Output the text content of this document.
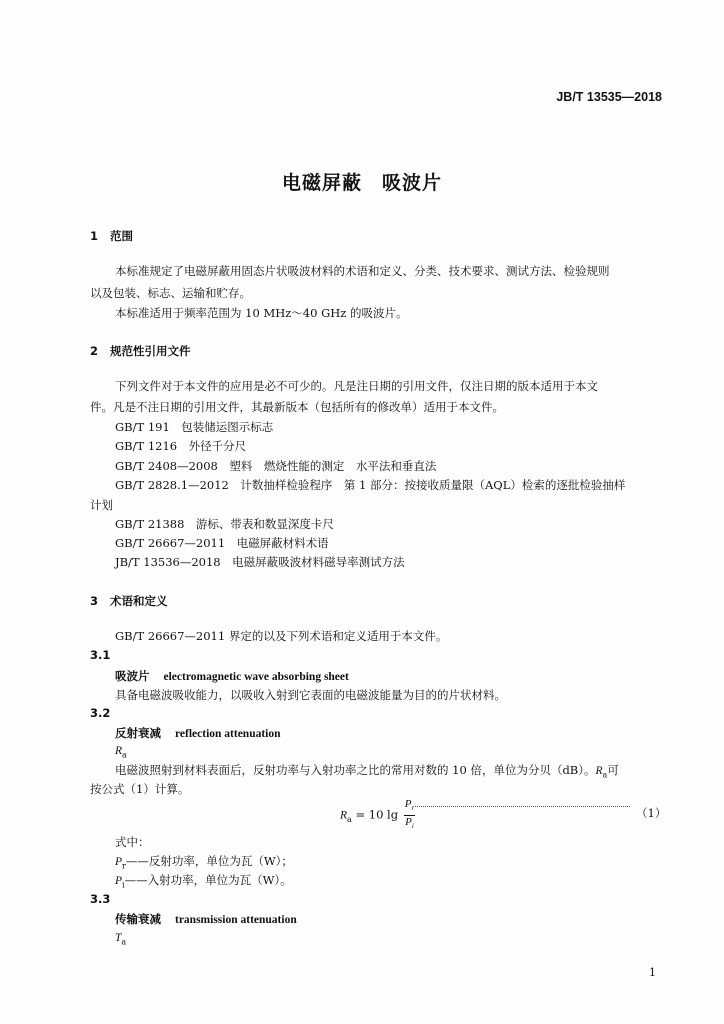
JB/T 13535—2018
电磁屏蔽　吸波片
1 范围
本标准规定了电磁屏蔽用固态片状吸波材料的术语和定义、分类、技术要求、测试方法、检验规则
以及包装、标志、运输和贮存。
本标准适用于频率范围为 10 MHz～40 GHz 的吸波片。
2 规范性引用文件
下列文件对于本文件的应用是必不可少的。凡是注日期的引用文件，仅注日期的版本适用于本文
件。凡是不注日期的引用文件，其最新版本（包括所有的修改单）适用于本文件。
GB/T 191　包装储运图示标志
GB/T 1216　外径千分尺
GB/T 2408—2008　塑料　燃烧性能的测定　水平法和垂直法
GB/T 2828.1—2012　计数抽样检验程序　第 1 部分：按接收质量限（AQL）检索的逐批检验抽样
计划
GB/T 21388　游标、带表和数显深度卡尺
GB/T 26667—2011　电磁屏蔽材料术语
JB/T 13536—2018　电磁屏蔽吸波材料磁导率测试方法
3 术语和定义
GB/T 26667—2011 界定的以及下列术语和定义适用于本文件。
3.1
吸波片 electromagnetic wave absorbing sheet
具备电磁波吸收能力，以吸收入射到它表面的电磁波能量为目的的片状材料。
3.2
反射衰减 reflection attenuation
$R_a$
电磁波照射到材料表面后，反射功率与入射功率之比的常用对数的 10 倍，单位为分贝（dB）。$R_a$可
按公式（1）计算。
$R_a = 10$ $\lg \frac{P_r}{P_i}$	（1）
式中：
$P_r——$反射功率，单位为瓦（W）；
$P_i——$入射功率，单位为瓦（W）。
3.3
传输衰减 transmission attenuation
$T_a$
1
